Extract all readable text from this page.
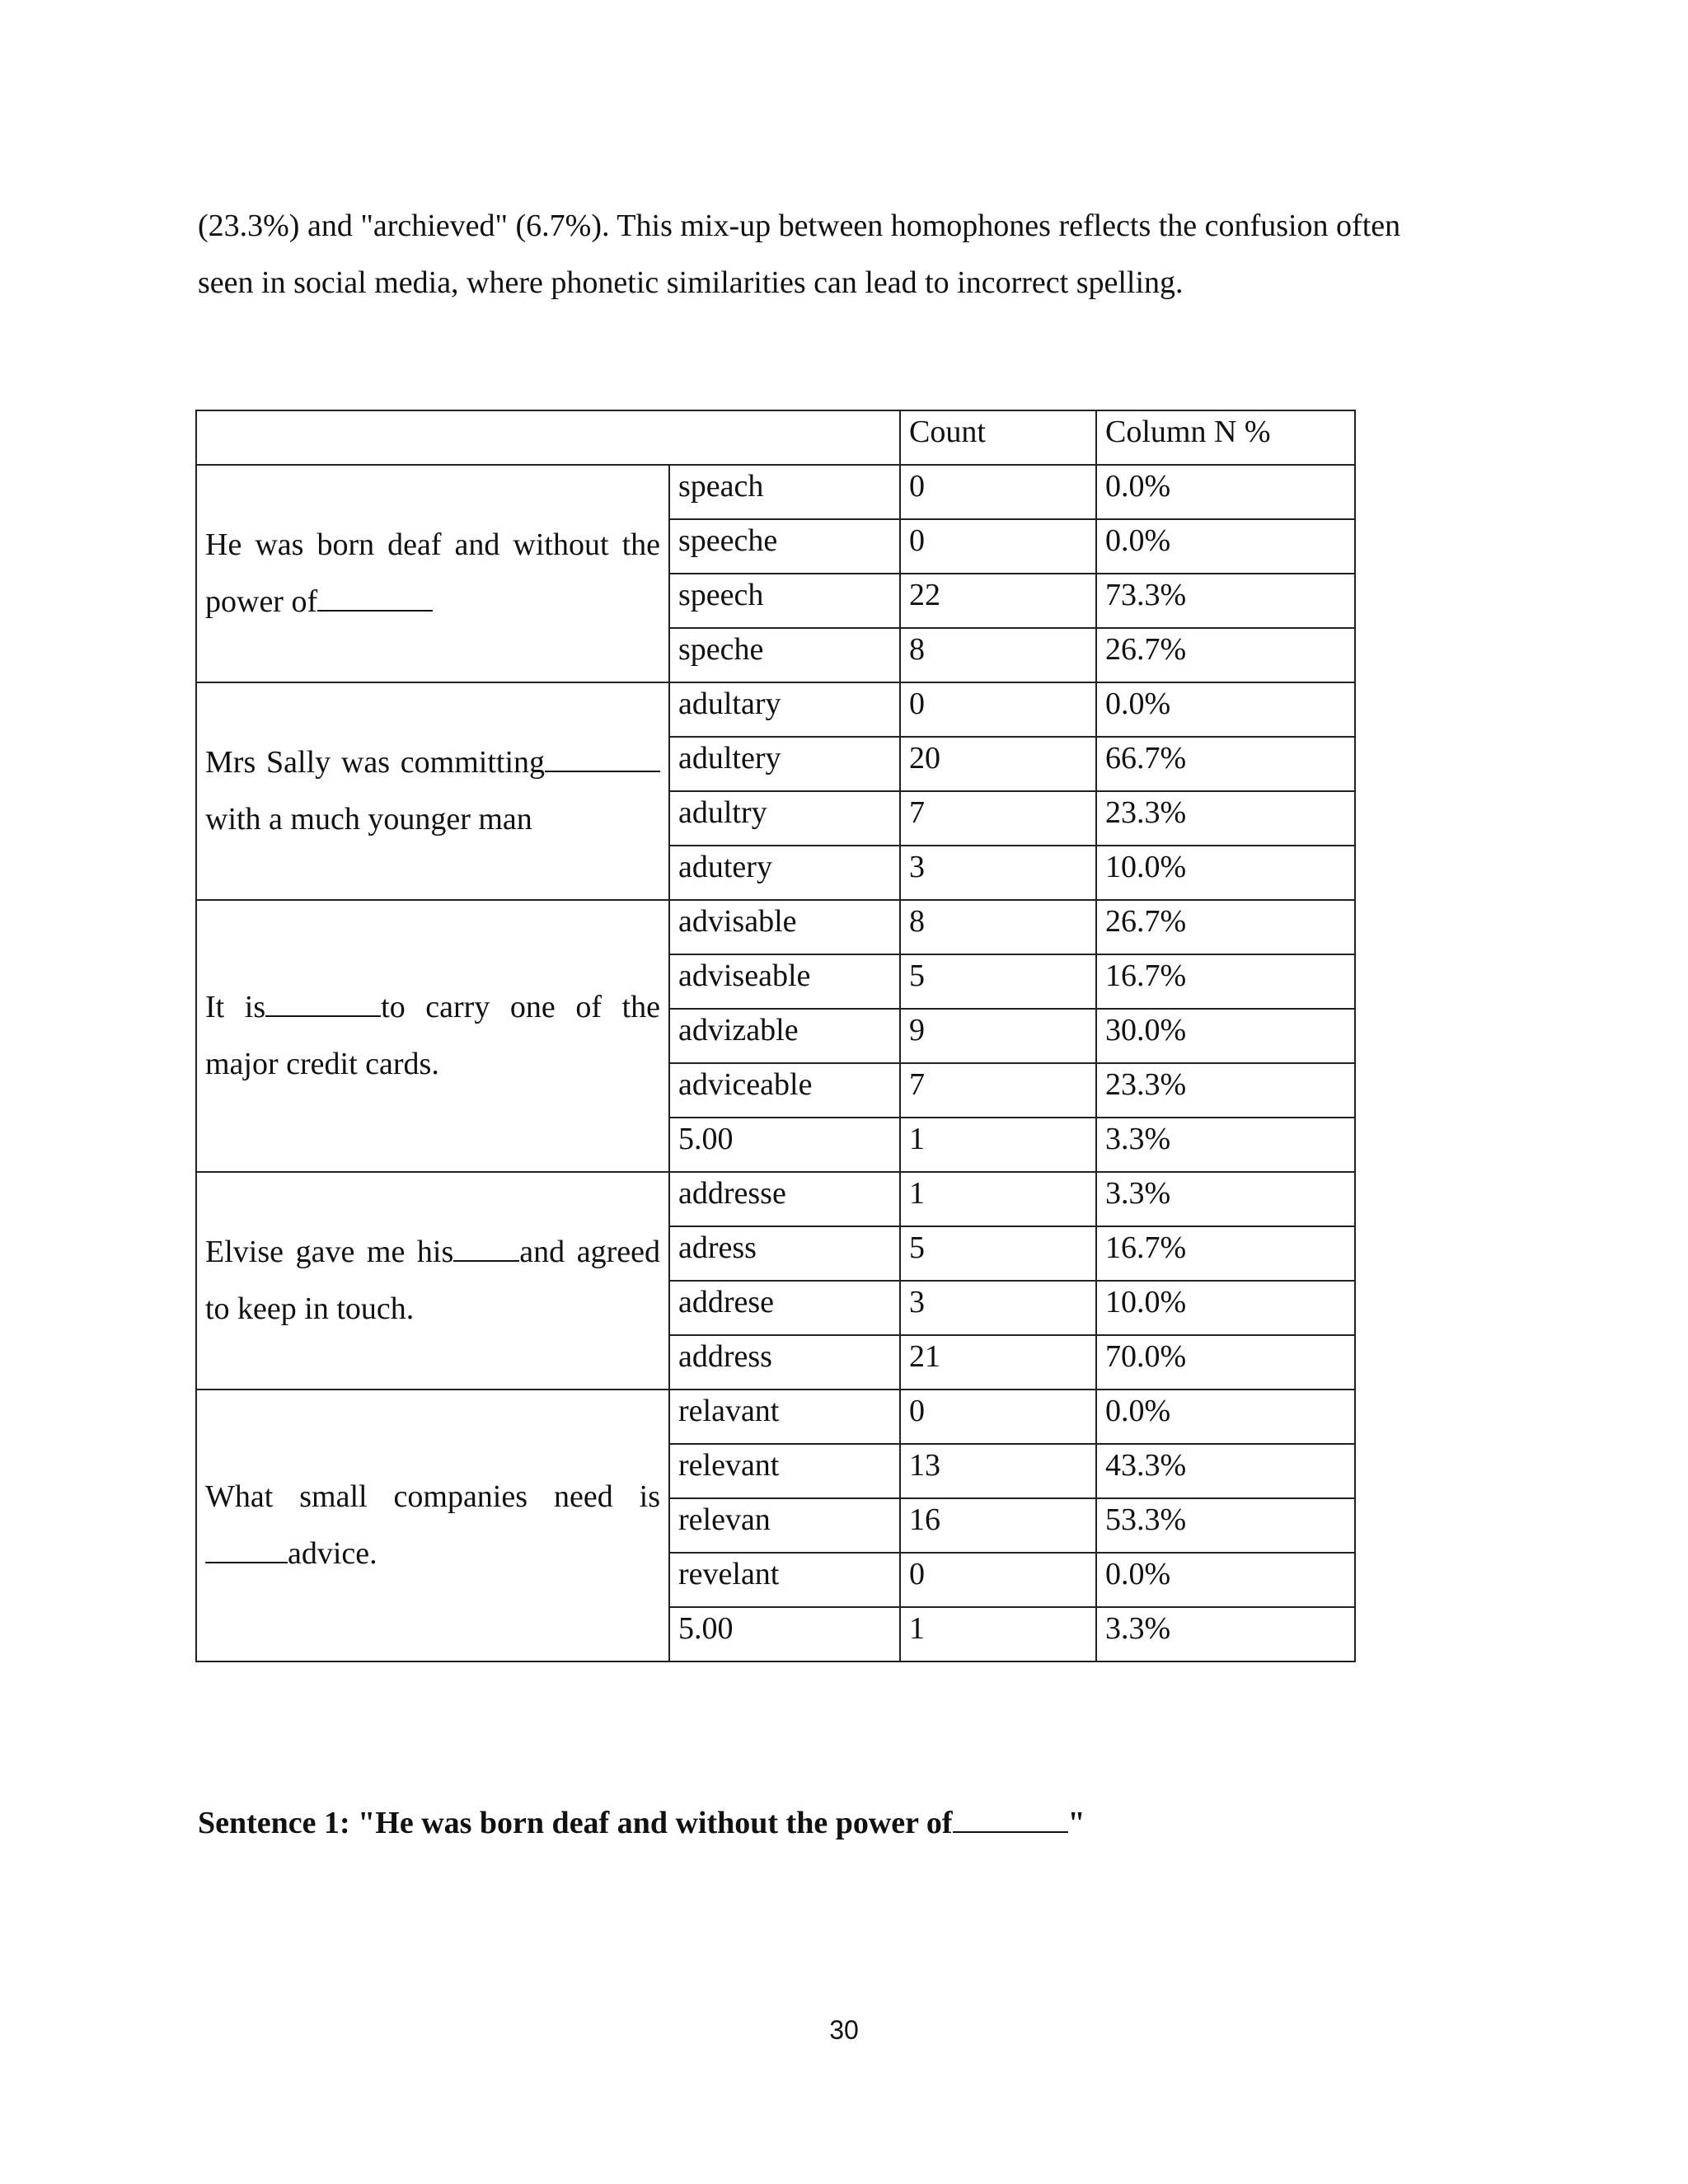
(23.3%) and "archieved" (6.7%). This mix-up between homophones reflects the confusion often
seen in social media, where phonetic similarities can lead to incorrect spelling.

		Count	Column N %
He was born deaf and without the power of	speach	0	0.0%
	speeche	0	0.0%
	speech	22	73.3%
	speche	8	26.7%
Mrs Sally was committingwith a much younger man	adultary	0	0.0%
	adultery	20	66.7%
	adultry	7	23.3%
	adutery	3	10.0%
It is to carry one of the major credit cards.	advisable	8	26.7%
	adviseable	5	16.7%
	advizable	9	30.0%
	adviceable	7	23.3%
	5.00	1	3.3%
Elvise gave me his and agreed to keep in touch.	addresse	1	3.3%
	adress	5	16.7%
	addrese	3	10.0%
	address	21	70.0%
What small companies need isadvice.	relavant	0	0.0%
	relevant	13	43.3%
	relevan	16	53.3%
	revelant	0	0.0%
	5.00	1	3.3%

Sentence 1: "He was born deaf and without the power of	"

30
